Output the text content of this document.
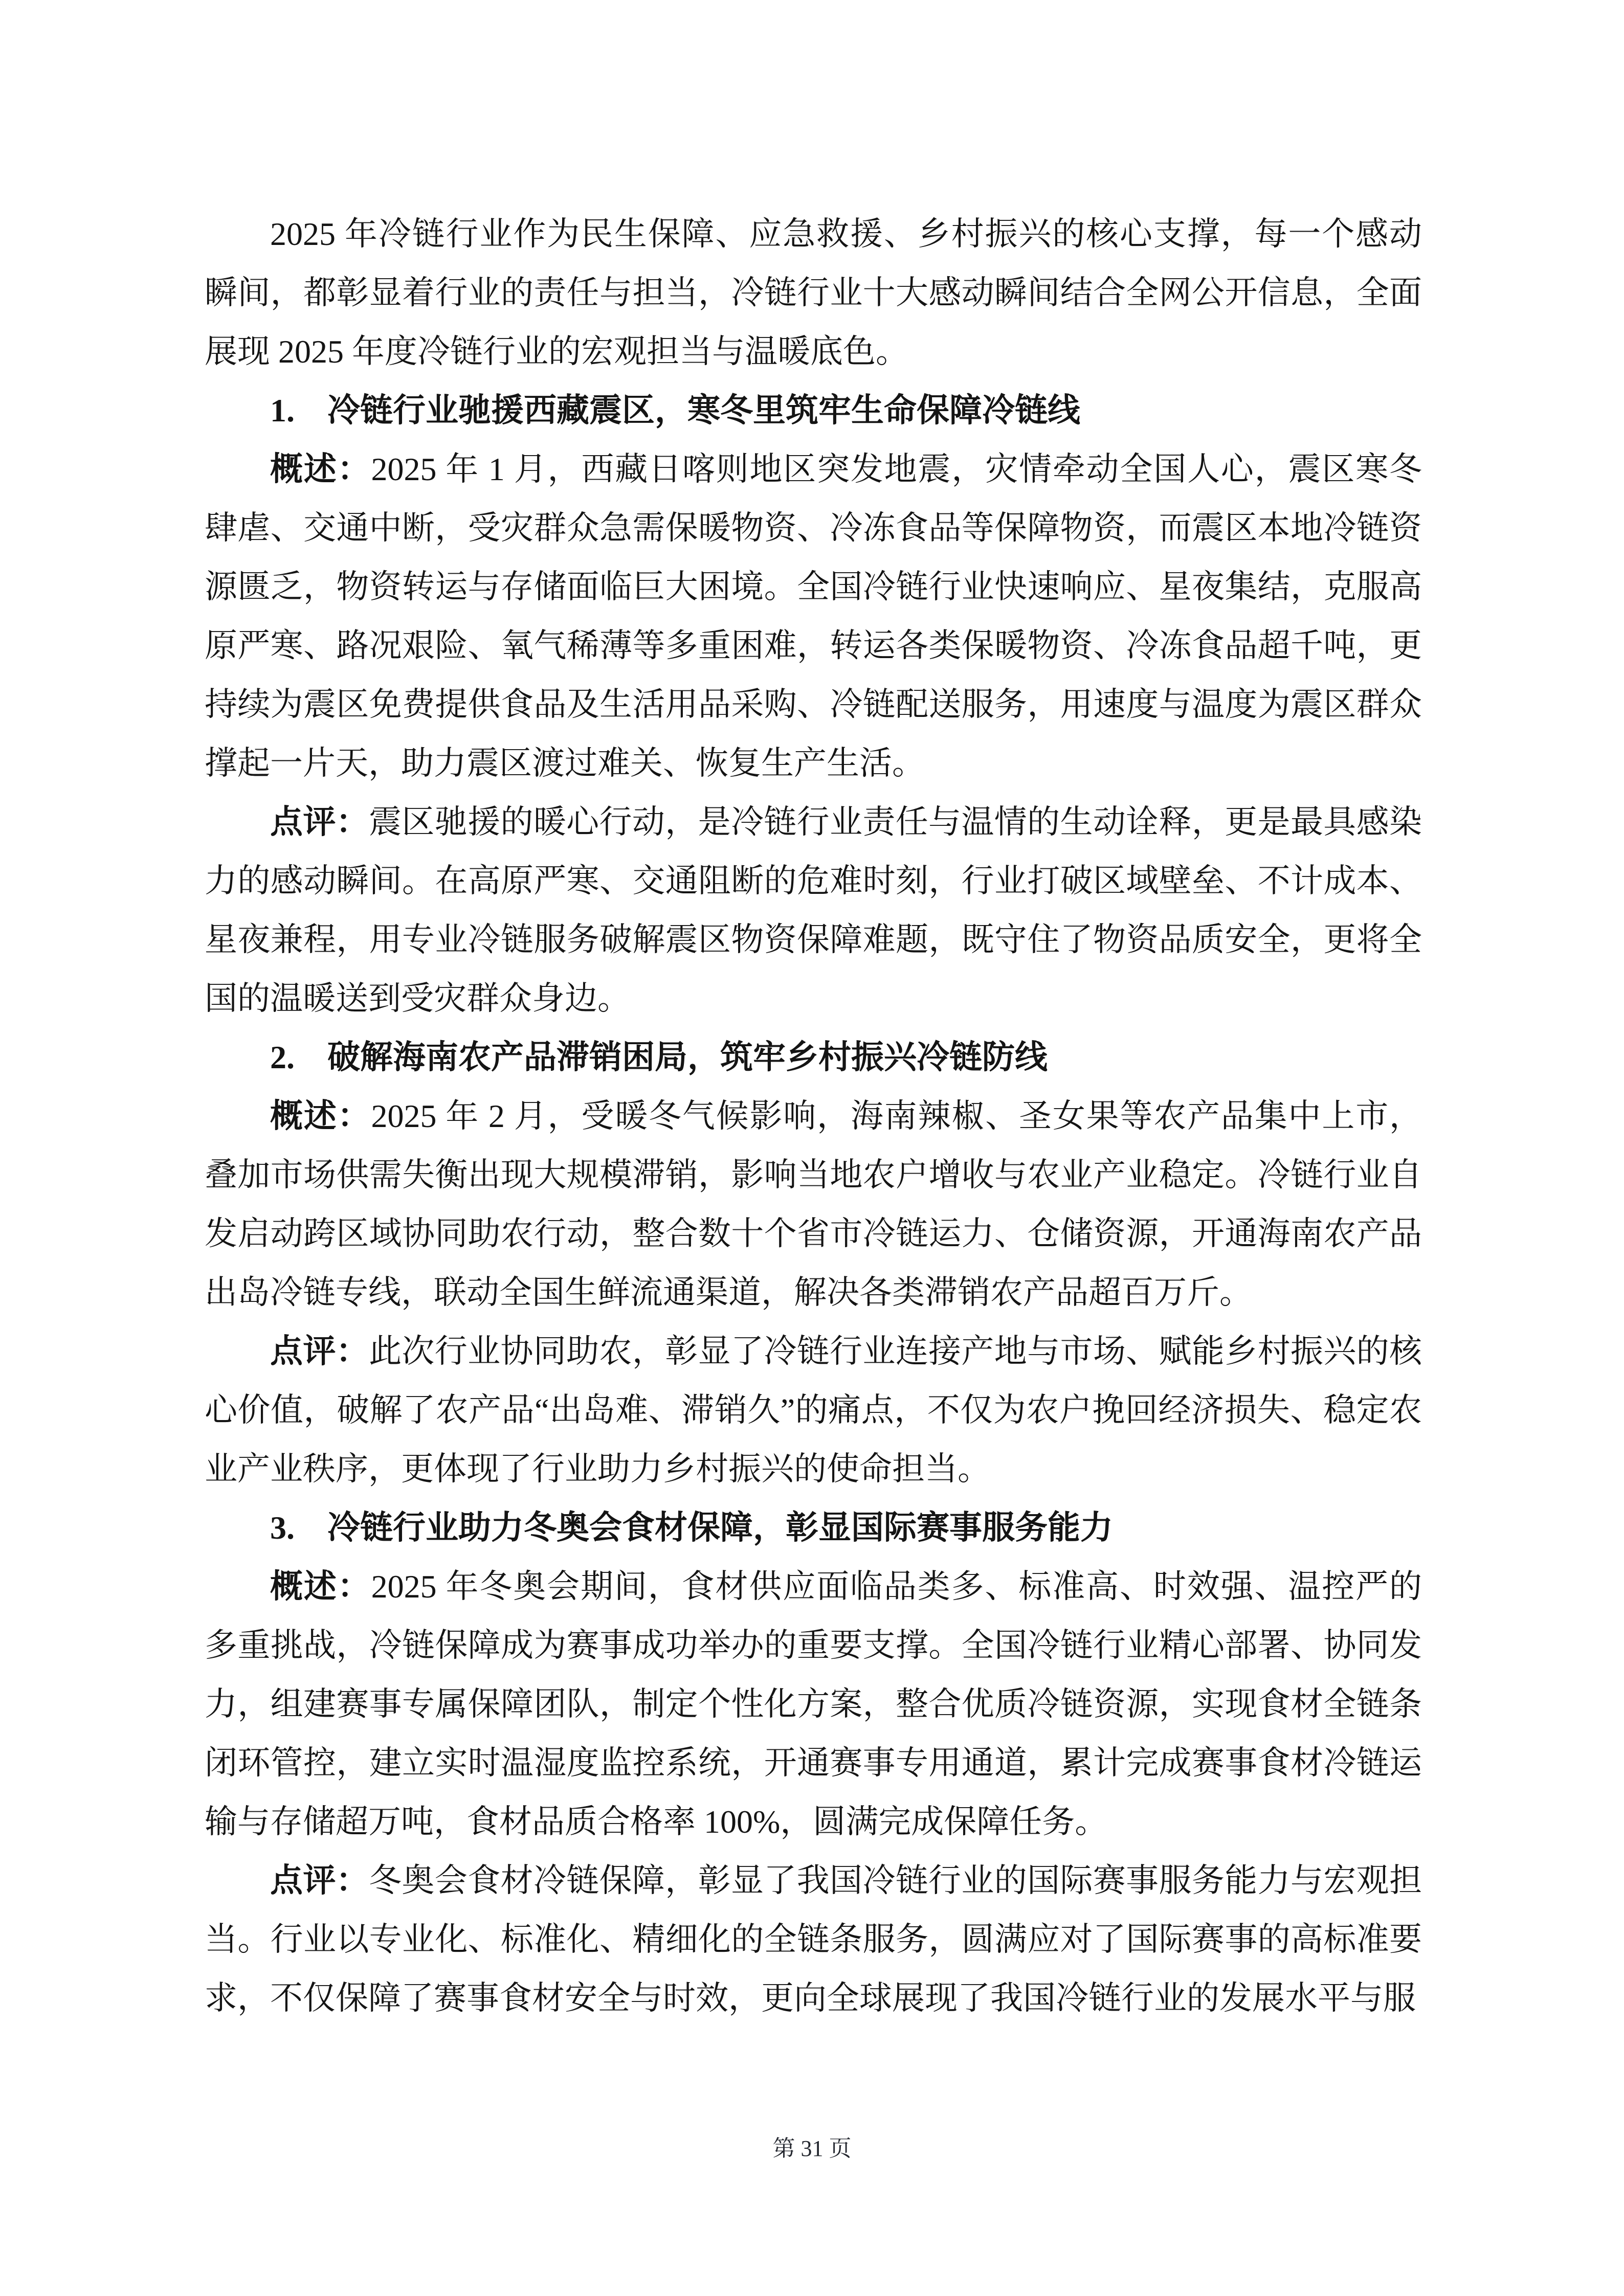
2025 年冷链行业作为民生保障、应急救援、乡村振兴的核心支撑，每一个感动瞬间，都彰显着行业的责任与担当，冷链行业十大感动瞬间结合全网公开信息，全面展现 2025 年度冷链行业的宏观担当与温暖底色。

1.　冷链行业驰援西藏震区，寒冬里筑牢生命保障冷链线

概述：2025 年 1 月，西藏日喀则地区突发地震，灾情牵动全国人心，震区寒冬肆虐、交通中断，受灾群众急需保暖物资、冷冻食品等保障物资，而震区本地冷链资源匮乏，物资转运与存储面临巨大困境。全国冷链行业快速响应、星夜集结，克服高原严寒、路况艰险、氧气稀薄等多重困难，转运各类保暖物资、冷冻食品超千吨，更持续为震区免费提供食品及生活用品采购、冷链配送服务，用速度与温度为震区群众撑起一片天，助力震区渡过难关、恢复生产生活。

点评：震区驰援的暖心行动，是冷链行业责任与温情的生动诠释，更是最具感染力的感动瞬间。在高原严寒、交通阻断的危难时刻，行业打破区域壁垒、不计成本、星夜兼程，用专业冷链服务破解震区物资保障难题，既守住了物资品质安全，更将全国的温暖送到受灾群众身边。

2.　破解海南农产品滞销困局，筑牢乡村振兴冷链防线

概述：2025 年 2 月，受暖冬气候影响，海南辣椒、圣女果等农产品集中上市，叠加市场供需失衡出现大规模滞销，影响当地农户增收与农业产业稳定。冷链行业自发启动跨区域协同助农行动，整合数十个省市冷链运力、仓储资源，开通海南农产品出岛冷链专线，联动全国生鲜流通渠道，解决各类滞销农产品超百万斤。

点评：此次行业协同助农，彰显了冷链行业连接产地与市场、赋能乡村振兴的核心价值，破解了农产品“出岛难、滞销久”的痛点，不仅为农户挽回经济损失、稳定农业产业秩序，更体现了行业助力乡村振兴的使命担当。

3.　冷链行业助力冬奥会食材保障，彰显国际赛事服务能力

概述：2025 年冬奥会期间，食材供应面临品类多、标准高、时效强、温控严的多重挑战，冷链保障成为赛事成功举办的重要支撑。全国冷链行业精心部署、协同发力，组建赛事专属保障团队，制定个性化方案，整合优质冷链资源，实现食材全链条闭环管控，建立实时温湿度监控系统，开通赛事专用通道，累计完成赛事食材冷链运输与存储超万吨，食材品质合格率 100%，圆满完成保障任务。

点评：冬奥会食材冷链保障，彰显了我国冷链行业的国际赛事服务能力与宏观担当。行业以专业化、标准化、精细化的全链条服务，圆满应对了国际赛事的高标准要求，不仅保障了赛事食材安全与时效，更向全球展现了我国冷链行业的发展水平与服

第 31 页
